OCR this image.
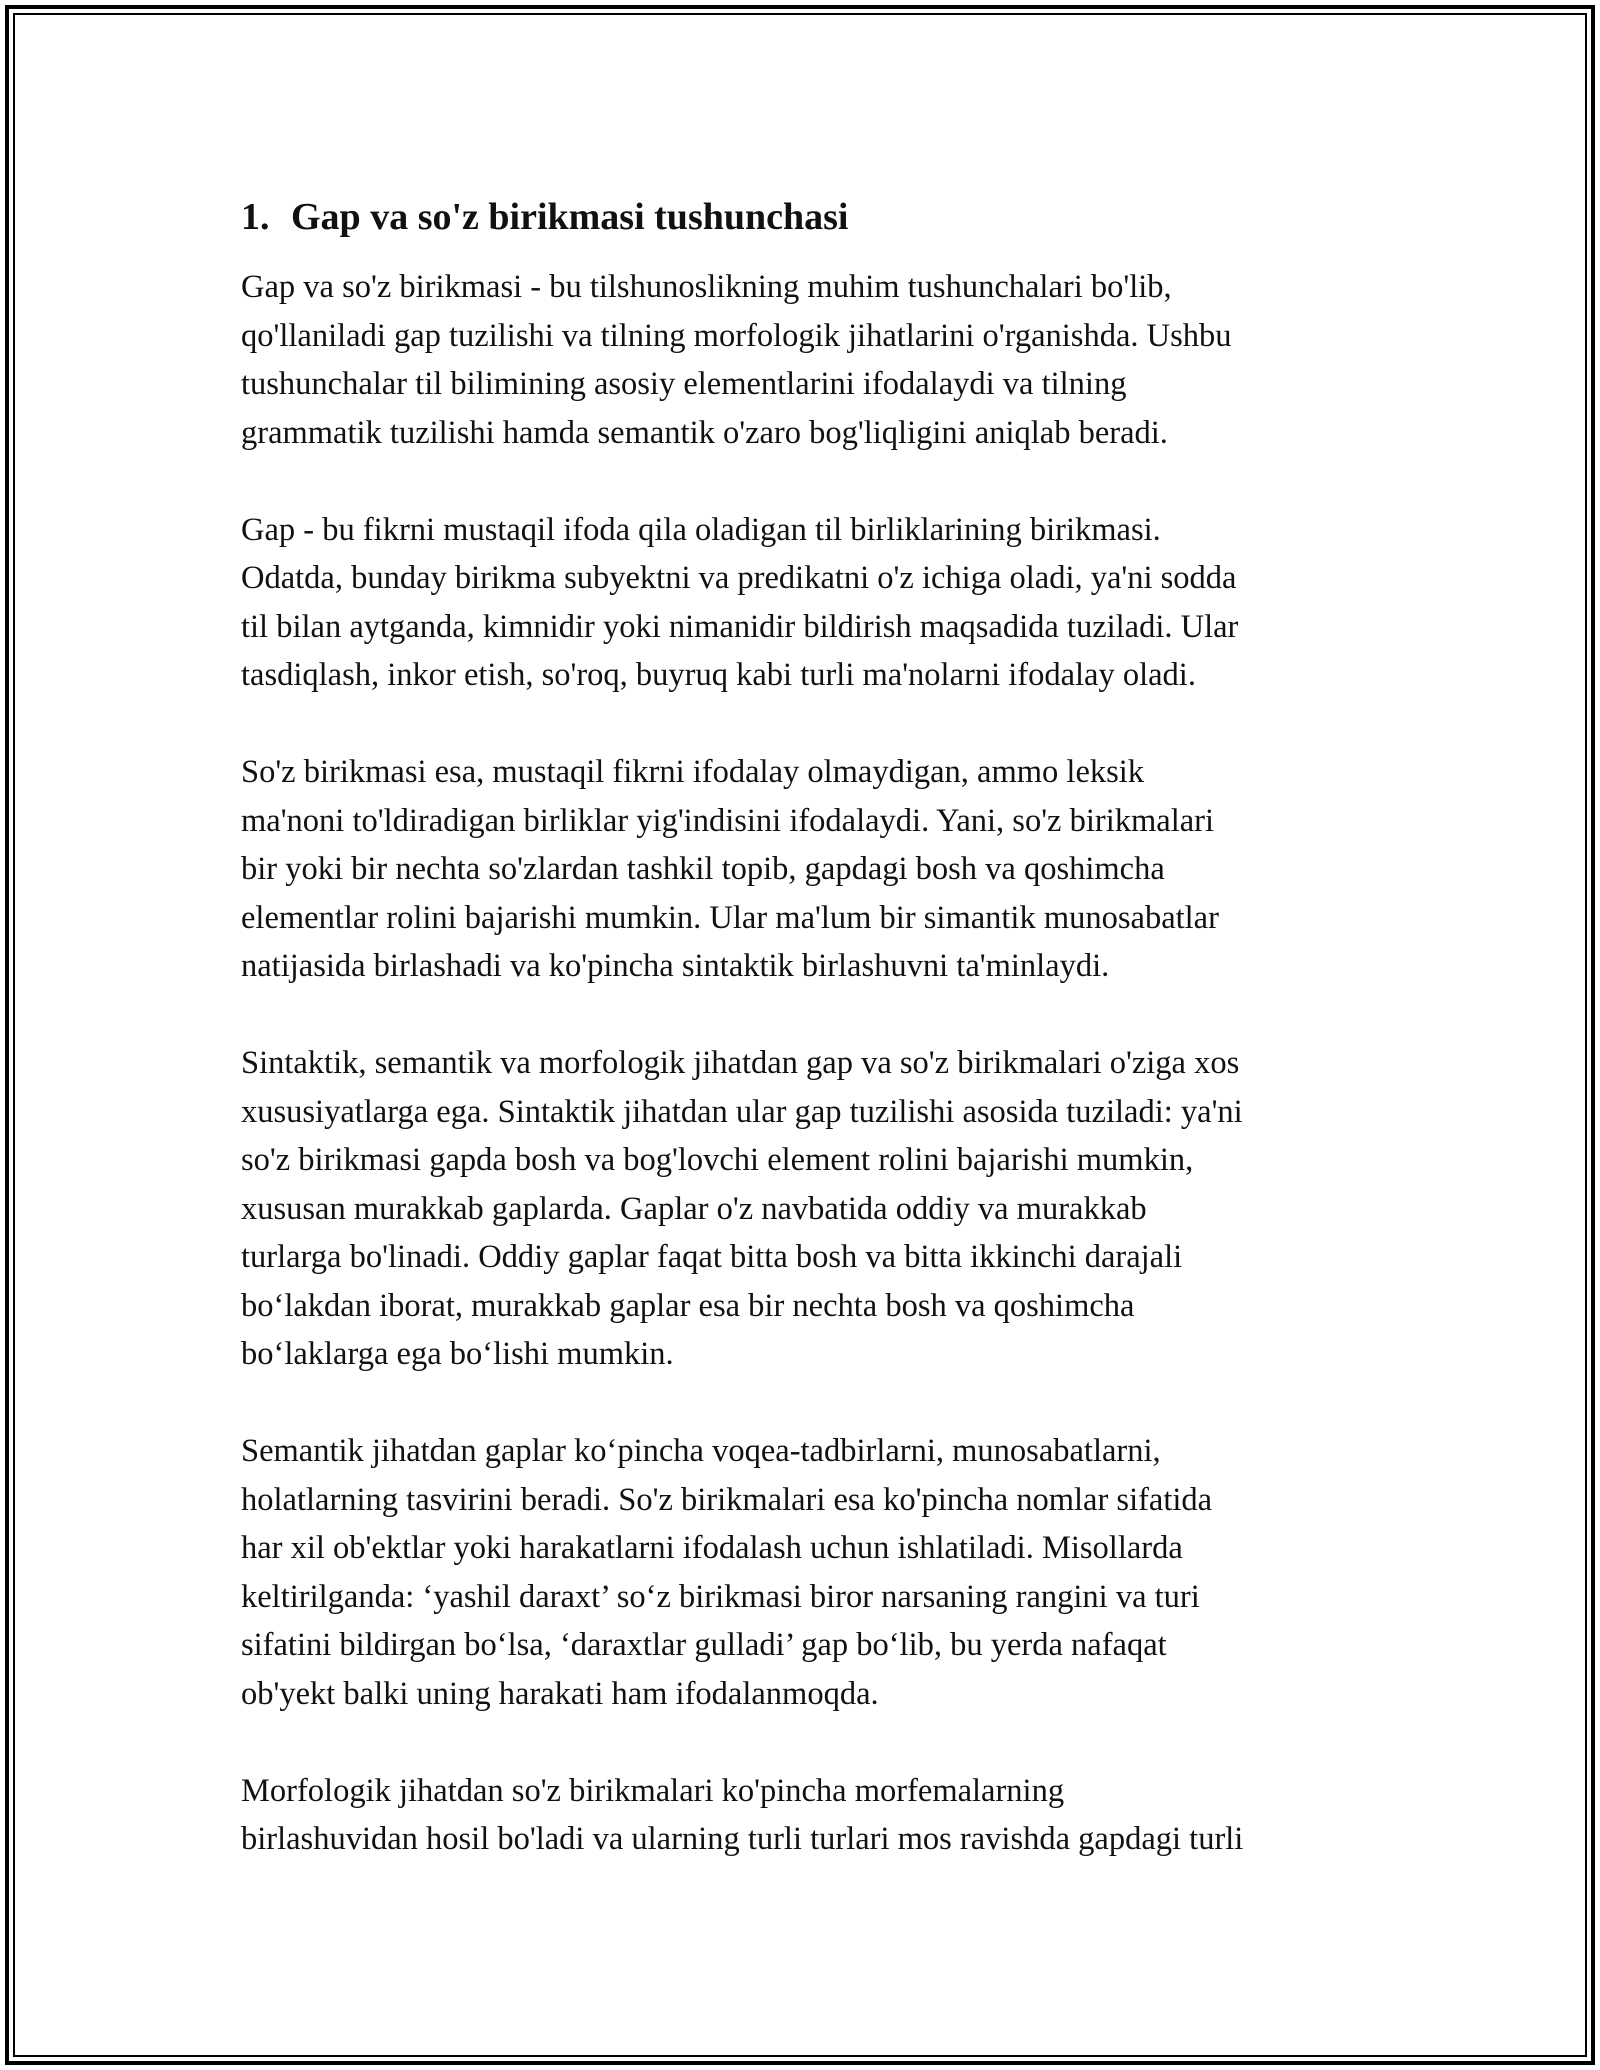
1. Gap va so'z birikmasi tushunchasi

Gap va so'z birikmasi - bu tilshunoslikning muhim tushunchalari bo'lib,
qo'llaniladi gap tuzilishi va tilning morfologik jihatlarini o'rganishda. Ushbu
tushunchalar til bilimining asosiy elementlarini ifodalaydi va tilning
grammatik tuzilishi hamda semantik o'zaro bog'liqligini aniqlab beradi.

Gap - bu fikrni mustaqil ifoda qila oladigan til birliklarining birikmasi.
Odatda, bunday birikma subyektni va predikatni o'z ichiga oladi, ya'ni sodda
til bilan aytganda, kimnidir yoki nimanidir bildirish maqsadida tuziladi. Ular
tasdiqlash, inkor etish, so'roq, buyruq kabi turli ma'nolarni ifodalay oladi.

So'z birikmasi esa, mustaqil fikrni ifodalay olmaydigan, ammo leksik
ma'noni to'ldiradigan birliklar yig'indisini ifodalaydi. Yani, so'z birikmalari
bir yoki bir nechta so'zlardan tashkil topib, gapdagi bosh va qoshimcha
elementlar rolini bajarishi mumkin. Ular ma'lum bir simantik munosabatlar
natijasida birlashadi va ko'pincha sintaktik birlashuvni ta'minlaydi.

Sintaktik, semantik va morfologik jihatdan gap va so'z birikmalari o'ziga xos
xususiyatlarga ega. Sintaktik jihatdan ular gap tuzilishi asosida tuziladi: ya'ni
so'z birikmasi gapda bosh va bog'lovchi element rolini bajarishi mumkin,
xususan murakkab gaplarda. Gaplar o'z navbatida oddiy va murakkab
turlarga bo'linadi. Oddiy gaplar faqat bitta bosh va bitta ikkinchi darajali
bo‘lakdan iborat, murakkab gaplar esa bir nechta bosh va qoshimcha
bo‘laklarga ega bo‘lishi mumkin.

Semantik jihatdan gaplar ko‘pincha voqea-tadbirlarni, munosabatlarni,
holatlarning tasvirini beradi. So'z birikmalari esa ko'pincha nomlar sifatida
har xil ob'ektlar yoki harakatlarni ifodalash uchun ishlatiladi. Misollarda
keltirilganda: ‘yashil daraxt’ so‘z birikmasi biror narsaning rangini va turi
sifatini bildirgan bo‘lsa, ‘daraxtlar gulladi’ gap bo‘lib, bu yerda nafaqat
ob'yekt balki uning harakati ham ifodalanmoqda.

Morfologik jihatdan so'z birikmalari ko'pincha morfemalarning
birlashuvidan hosil bo'ladi va ularning turli turlari mos ravishda gapdagi turli
